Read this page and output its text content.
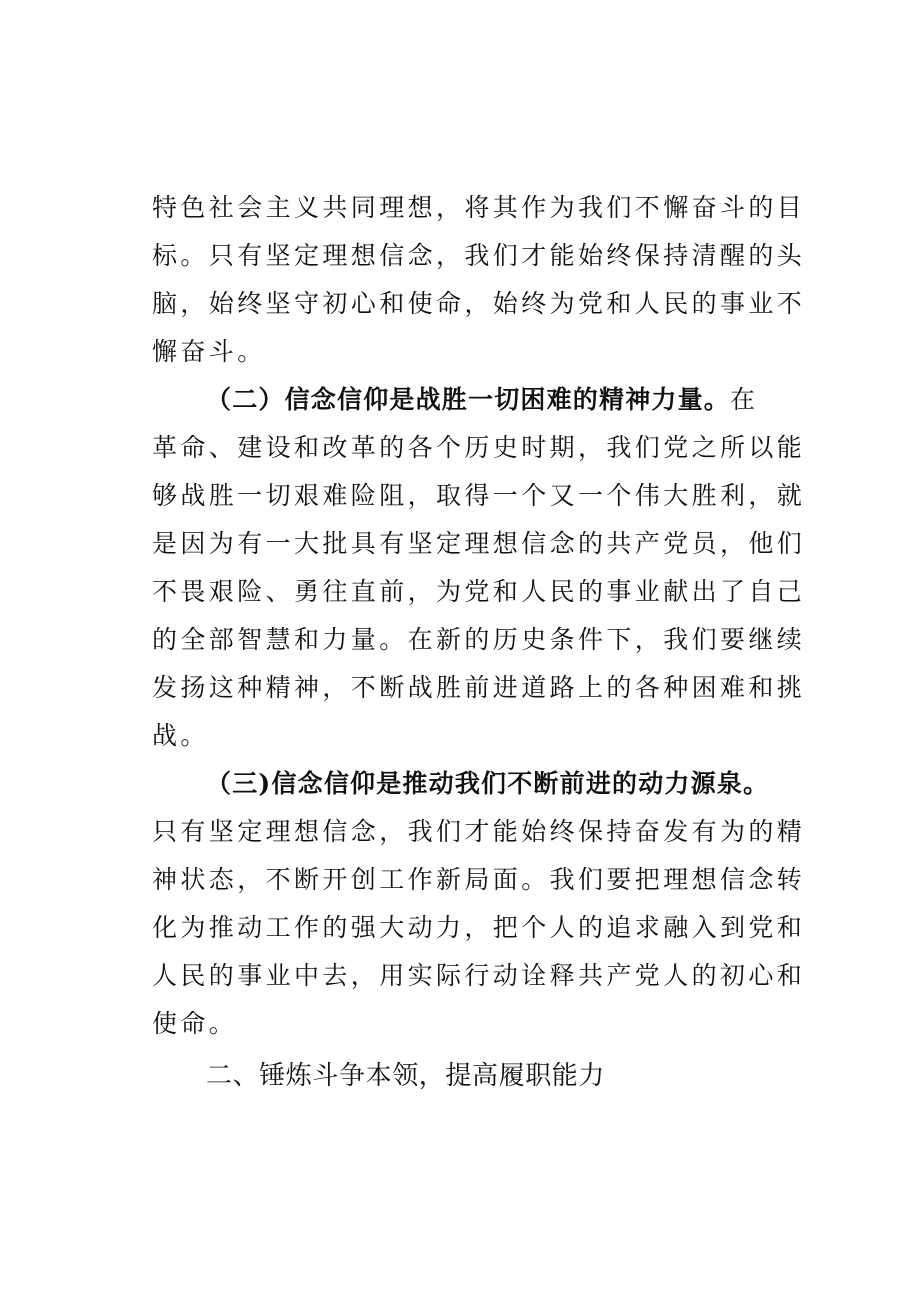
特色社会主义共同理想，将其作为我们不懈奋斗的目
标。只有坚定理想信念，我们才能始终保持清醒的头
脑，始终坚守初心和使命，始终为党和人民的事业不
懈奋斗。
（二）信念信仰是战胜一切困难的精神力量。在
革命、建设和改革的各个历史时期，我们党之所以能
够战胜一切艰难险阻，取得一个又一个伟大胜利，就
是因为有一大批具有坚定理想信念的共产党员，他们
不畏艰险、勇往直前，为党和人民的事业献出了自己
的全部智慧和力量。在新的历史条件下，我们要继续
发扬这种精神，不断战胜前进道路上的各种困难和挑
战。
（三)信念信仰是推动我们不断前进的动力源泉。
只有坚定理想信念，我们才能始终保持奋发有为的精
神状态，不断开创工作新局面。我们要把理想信念转
化为推动工作的强大动力，把个人的追求融入到党和
人民的事业中去，用实际行动诠释共产党人的初心和
使命。
二、锤炼斗争本领，提高履职能力
